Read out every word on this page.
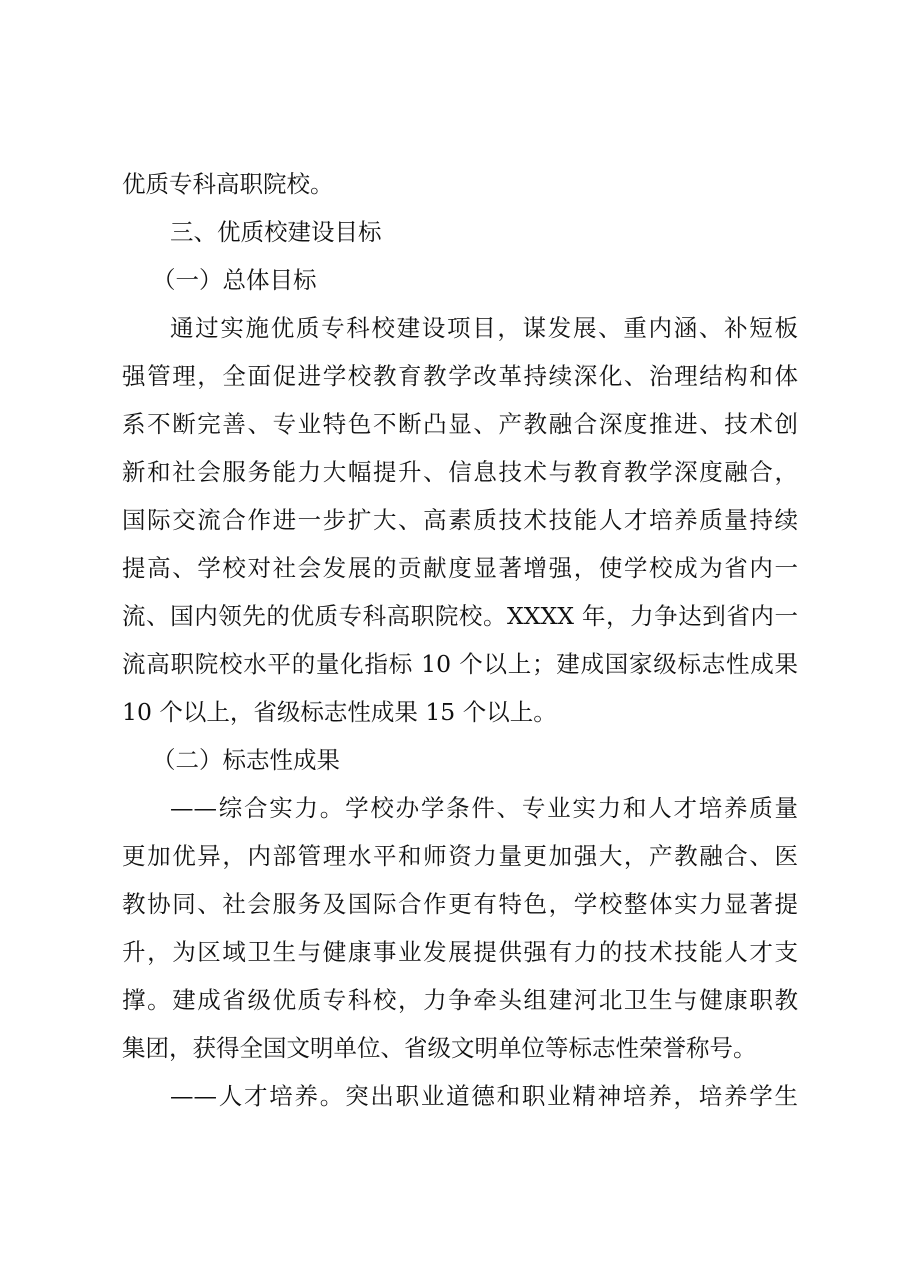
优质专科高职院校。
三、优质校建设目标
（一）总体目标
通过实施优质专科校建设项目，谋发展、重内涵、补短板
强管理，全面促进学校教育教学改革持续深化、治理结构和体
系不断完善、专业特色不断凸显、产教融合深度推进、技术创
新和社会服务能力大幅提升、信息技术与教育教学深度融合，
国际交流合作进一步扩大、高素质技术技能人才培养质量持续
提高、学校对社会发展的贡献度显著增强，使学校成为省内一
流、国内领先的优质专科高职院校。XXXX 年，力争达到省内一
流高职院校水平的量化指标 10 个以上；建成国家级标志性成果
10 个以上，省级标志性成果 15 个以上。
（二）标志性成果
——综合实力。学校办学条件、专业实力和人才培养质量
更加优异，内部管理水平和师资力量更加强大，产教融合、医
教协同、社会服务及国际合作更有特色，学校整体实力显著提
升，为区域卫生与健康事业发展提供强有力的技术技能人才支
撑。建成省级优质专科校，力争牵头组建河北卫生与健康职教
集团，获得全国文明单位、省级文明单位等标志性荣誉称号。
——人才培养。突出职业道德和职业精神培养，培养学生
